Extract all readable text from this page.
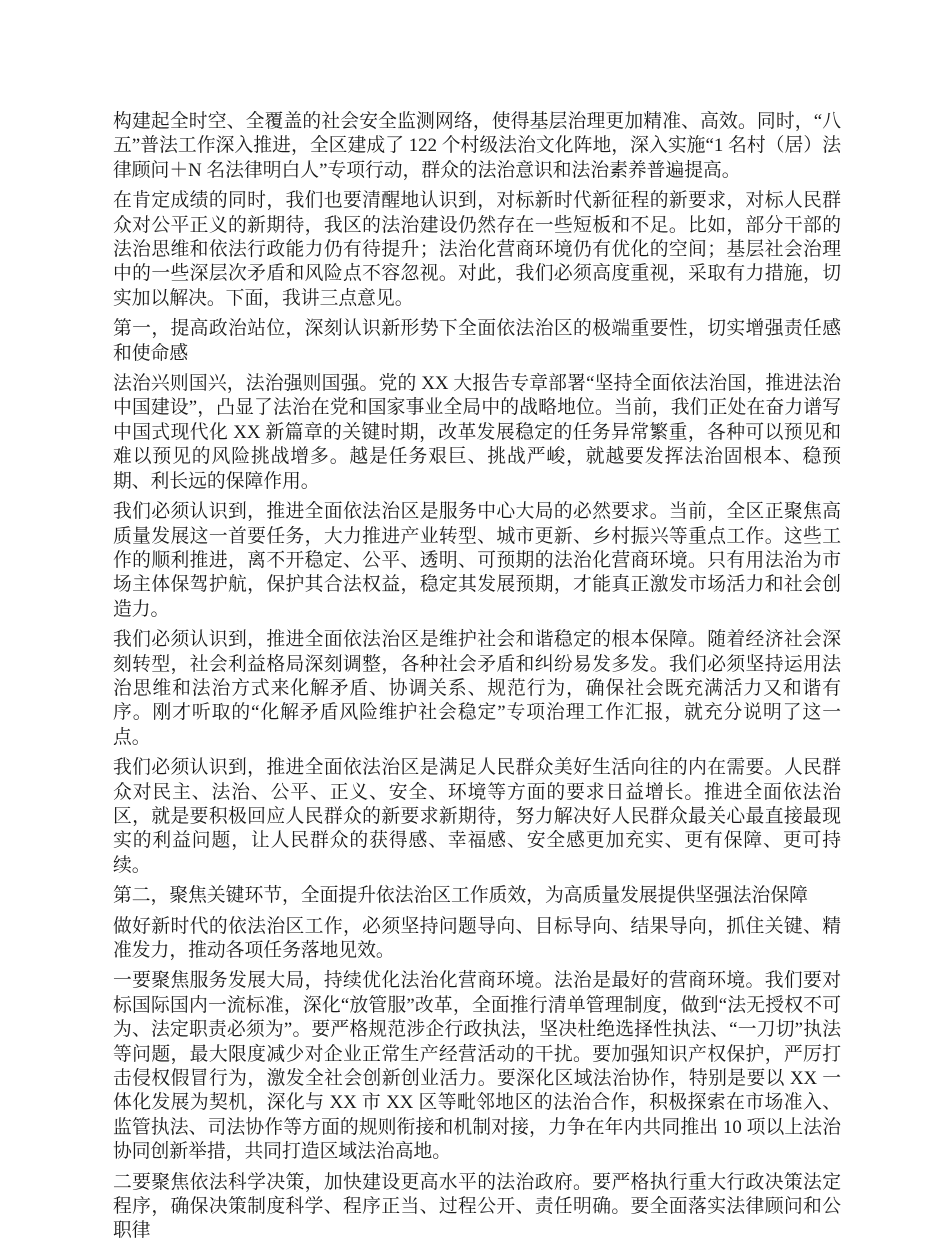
构建起全时空、全覆盖的社会安全监测网络，使得基层治理更加精准、高效。同时，“八五”普法工作深入推进，全区建成了 122 个村级法治文化阵地，深入实施“1 名村（居）法律顾问＋N 名法律明白人”专项行动，群众的法治意识和法治素养普遍提高。

在肯定成绩的同时，我们也要清醒地认识到，对标新时代新征程的新要求，对标人民群众对公平正义的新期待，我区的法治建设仍然存在一些短板和不足。比如，部分干部的法治思维和依法行政能力仍有待提升；法治化营商环境仍有优化的空间；基层社会治理中的一些深层次矛盾和风险点不容忽视。对此，我们必须高度重视，采取有力措施，切实加以解决。下面，我讲三点意见。

第一，提高政治站位，深刻认识新形势下全面依法治区的极端重要性，切实增强责任感和使命感

法治兴则国兴，法治强则国强。党的 XX 大报告专章部署“坚持全面依法治国，推进法治中国建设”，凸显了法治在党和国家事业全局中的战略地位。当前，我们正处在奋力谱写中国式现代化 XX 新篇章的关键时期，改革发展稳定的任务异常繁重，各种可以预见和难以预见的风险挑战增多。越是任务艰巨、挑战严峻，就越要发挥法治固根本、稳预期、利长远的保障作用。

我们必须认识到，推进全面依法治区是服务中心大局的必然要求。当前，全区正聚焦高质量发展这一首要任务，大力推进产业转型、城市更新、乡村振兴等重点工作。这些工作的顺利推进，离不开稳定、公平、透明、可预期的法治化营商环境。只有用法治为市场主体保驾护航，保护其合法权益，稳定其发展预期，才能真正激发市场活力和社会创造力。

我们必须认识到，推进全面依法治区是维护社会和谐稳定的根本保障。随着经济社会深刻转型，社会利益格局深刻调整，各种社会矛盾和纠纷易发多发。我们必须坚持运用法治思维和法治方式来化解矛盾、协调关系、规范行为，确保社会既充满活力又和谐有序。刚才听取的“化解矛盾风险维护社会稳定”专项治理工作汇报，就充分说明了这一点。

我们必须认识到，推进全面依法治区是满足人民群众美好生活向往的内在需要。人民群众对民主、法治、公平、正义、安全、环境等方面的要求日益增长。推进全面依法治区，就是要积极回应人民群众的新要求新期待，努力解决好人民群众最关心最直接最现实的利益问题，让人民群众的获得感、幸福感、安全感更加充实、更有保障、更可持续。

第二，聚焦关键环节，全面提升依法治区工作质效，为高质量发展提供坚强法治保障

做好新时代的依法治区工作，必须坚持问题导向、目标导向、结果导向，抓住关键、精准发力，推动各项任务落地见效。

一要聚焦服务发展大局，持续优化法治化营商环境。法治是最好的营商环境。我们要对标国际国内一流标准，深化“放管服”改革，全面推行清单管理制度，做到“法无授权不可为、法定职责必须为”。要严格规范涉企行政执法，坚决杜绝选择性执法、“一刀切”执法等问题，最大限度减少对企业正常生产经营活动的干扰。要加强知识产权保护，严厉打击侵权假冒行为，激发全社会创新创业活力。要深化区域法治协作，特别是要以 XX 一体化发展为契机，深化与 XX 市 XX 区等毗邻地区的法治合作，积极探索在市场准入、监管执法、司法协作等方面的规则衔接和机制对接，力争在年内共同推出 10 项以上法治协同创新举措，共同打造区域法治高地。

二要聚焦依法科学决策，加快建设更高水平的法治政府。要严格执行重大行政决策法定程序，确保决策制度科学、程序正当、过程公开、责任明确。要全面落实法律顾问和公职律
